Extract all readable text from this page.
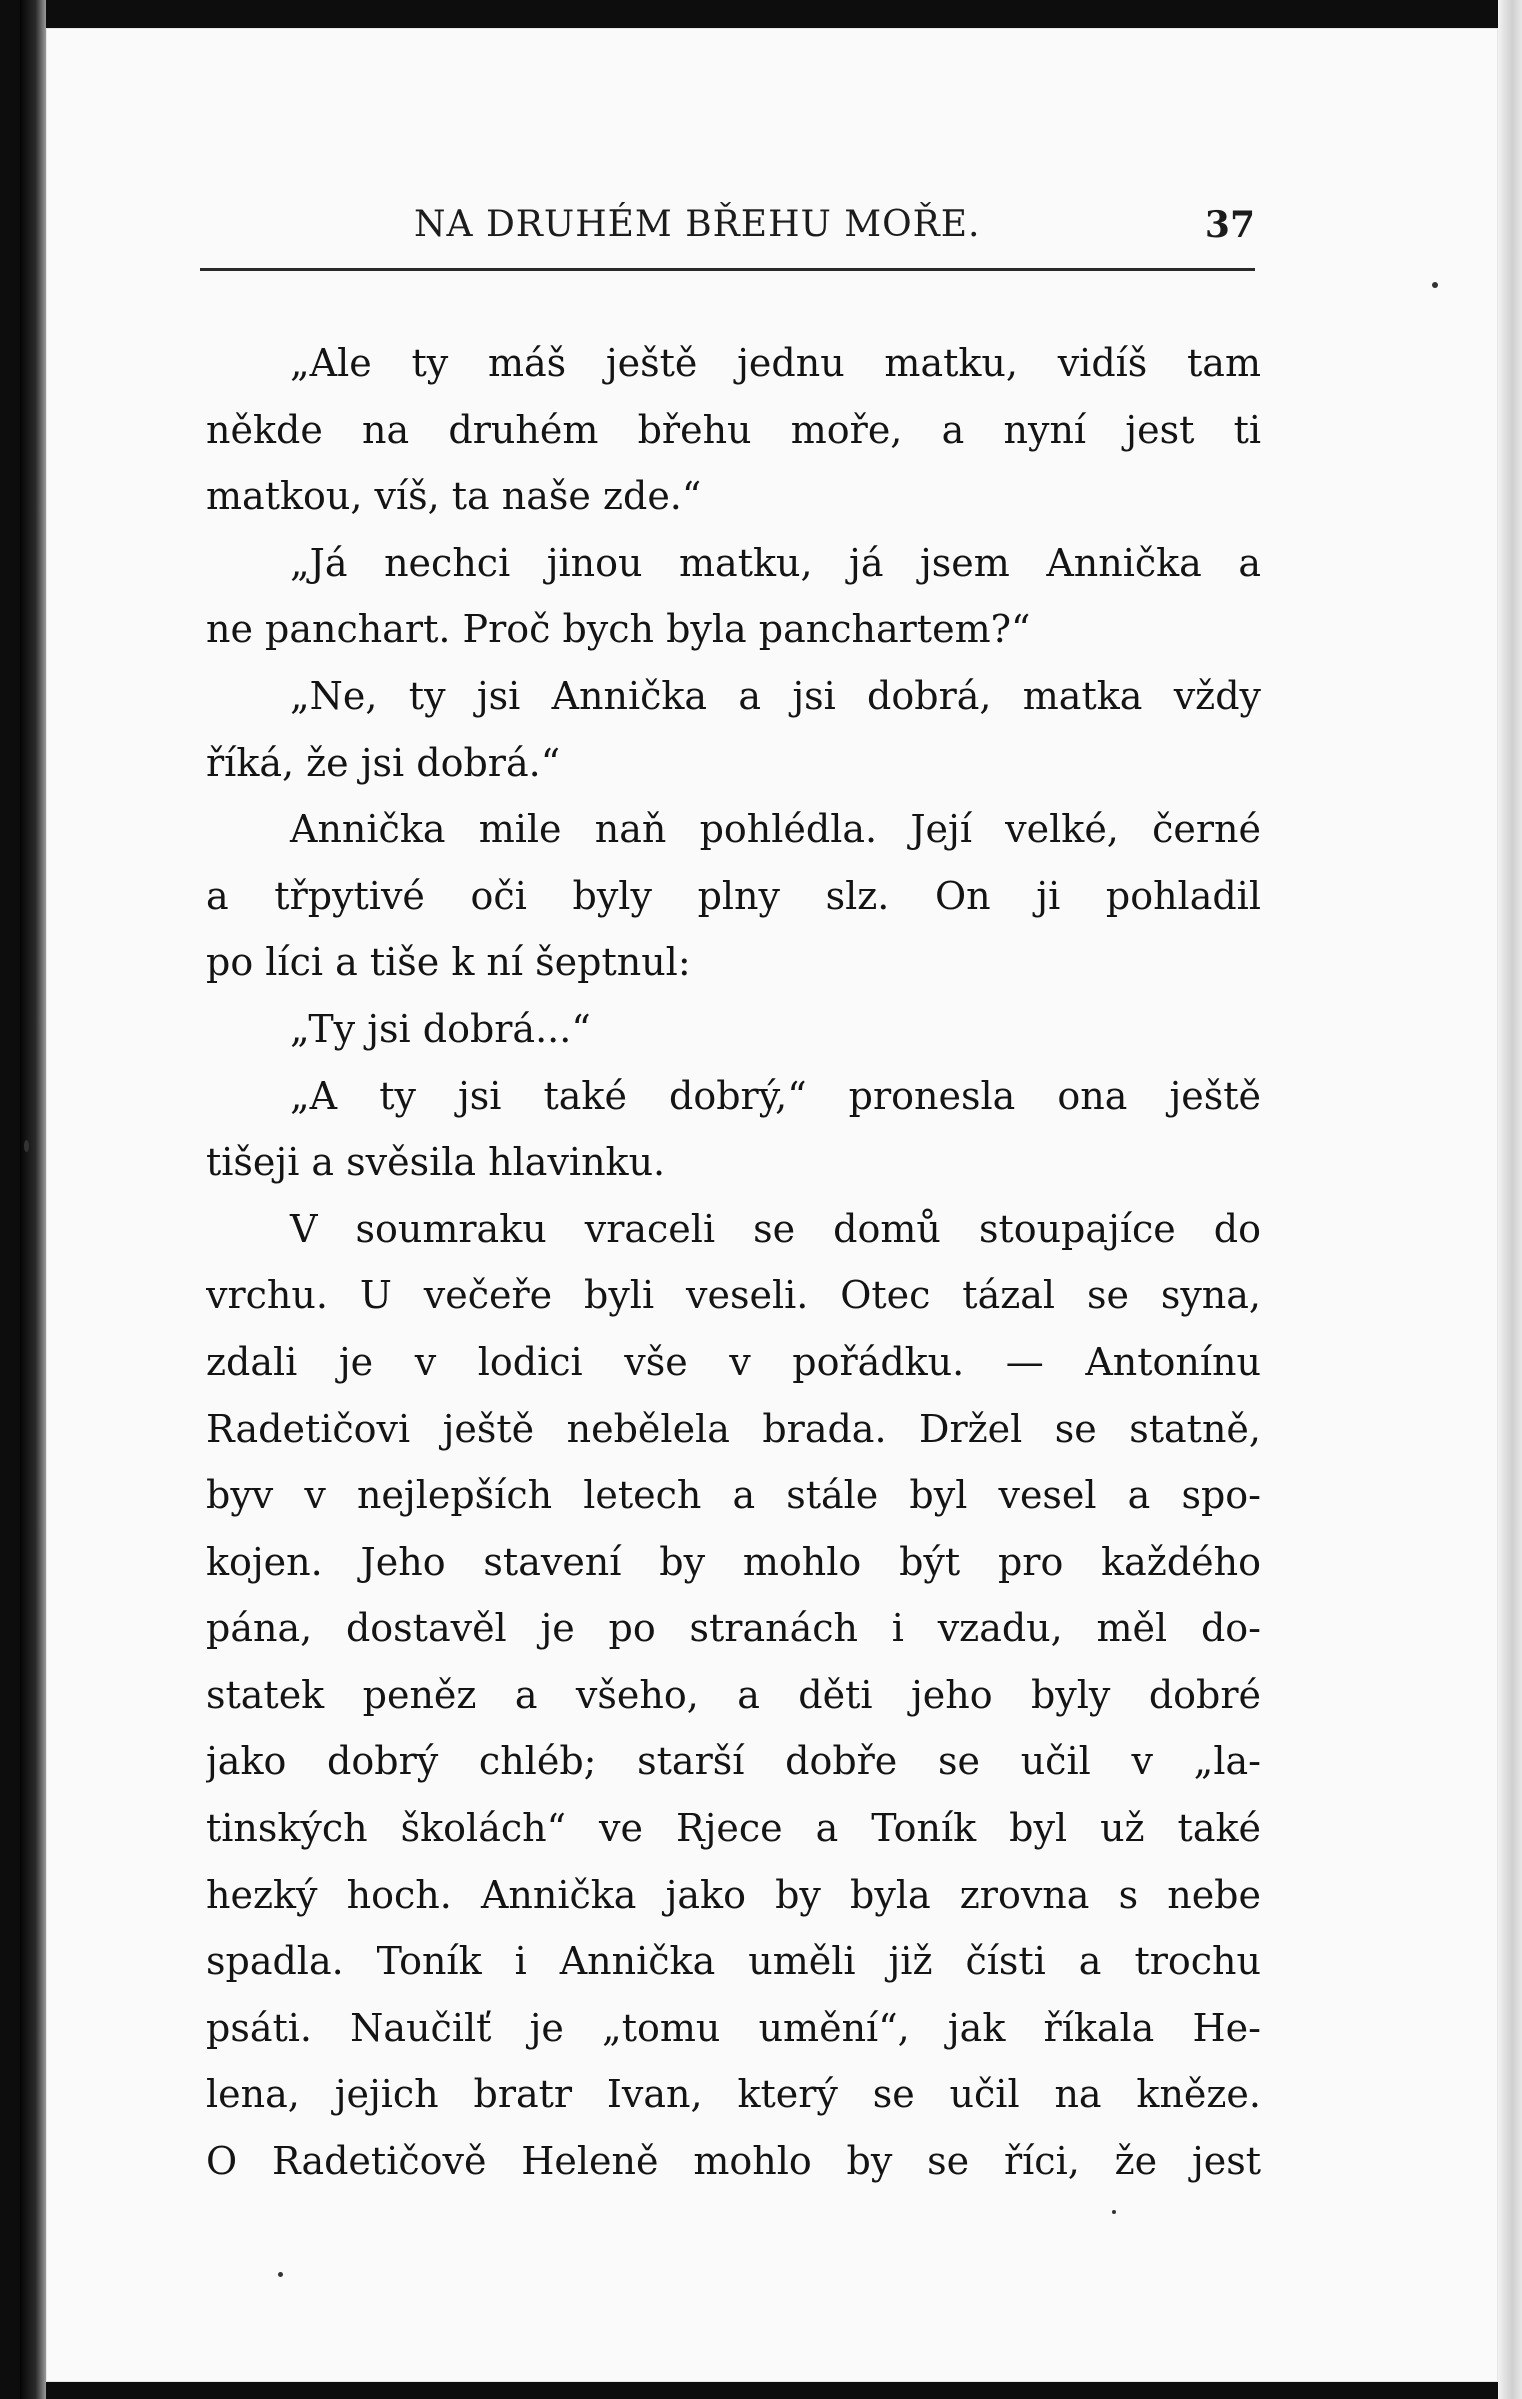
NA DRUHÉM BŘEHU MOŘE.	37
„Ale ty máš ještě jednu matku, vidíš tam
někde na druhém břehu moře, a nyní jest ti
matkou, víš, ta naše zde.“
„Já nechci jinou matku, já jsem Annička a
ne panchart. Proč bych byla panchartem?“
„Ne, ty jsi Annička a jsi dobrá, matka vždy
říká, že jsi dobrá.“
Annička mile naň pohlédla. Její velké, černé
a třpytivé oči byly plny slz. On ji pohladil
po líci a tiše k ní šeptnul:
„Ty jsi dobrá...“
„A ty jsi také dobrý,“ pronesla ona ještě
tišeji a svěsila hlavinku.
V soumraku vraceli se domů stoupajíce do
vrchu. U večeře byli veseli. Otec tázal se syna,
zdali je v lodici vše v pořádku. — Antonínu
Radetičovi ještě nebělela brada. Držel se statně,
byv v nejlepších letech a stále byl vesel a spo-
kojen. Jeho stavení by mohlo být pro každého
pána, dostavěl je po stranách i vzadu, měl do-
statek peněz a všeho, a děti jeho byly dobré
jako dobrý chléb; starší dobře se učil v „la-
tinských školách“ ve Rjece a Toník byl už také
hezký hoch. Annička jako by byla zrovna s nebe
spadla. Toník i Annička uměli již čísti a trochu
psáti. Naučilť je „tomu umění“, jak říkala He-
lena, jejich bratr Ivan, který se učil na kněze.
O Radetičově Heleně mohlo by se říci, že jest
